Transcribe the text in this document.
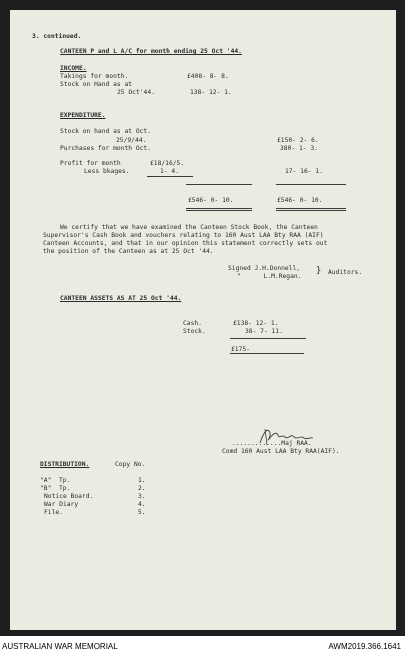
3. continued.
CANTEEN P and L A/C for month ending 25 Oct '44.
INCOME.
Takings for month.	£408- 8- 8.
Stock on Hand as at
25 Oct'44.	138- 12- 1.
EXPENDITURE.
Stock on hand as at Oct.
25/9/44.	£150- 2- 6.
Purchases for month Oct.	380- 1- 3.
Profit for month	£18/16/5.
Less bkages.	1- 4.	17- 16- 1.
£546- 0- 10.	£546- 0- 10.
We certify that we have examined the Canteen Stock Book, the Canteen
Supervisor's Cash Book and vouchers relating to 160 Aust LAA Bty RAA (AIF)
Canteen Accounts, and that in our opinion this statement correctly sets out
the position of the Canteen as at 25 Oct '44.
Signed J.H.Donnell,
"      L.M.Regan.
} Auditors.
CANTEEN ASSETS AS AT 25 Oct '44.
Cash.	£138- 12- 1.
Stock.	38- 7- 11.
£175-
.............Maj RAA.
Comd 160 Aust LAA Bty RAA(AIF).
DISTRIBUTION.	Copy No.
"A"  Tp.	1.
"B"  Tp.	2.
Notice Board.	3.
War Diary	4.
File.	5.
AUSTRALIAN WAR MEMORIAL	AWM2019.366.1641
